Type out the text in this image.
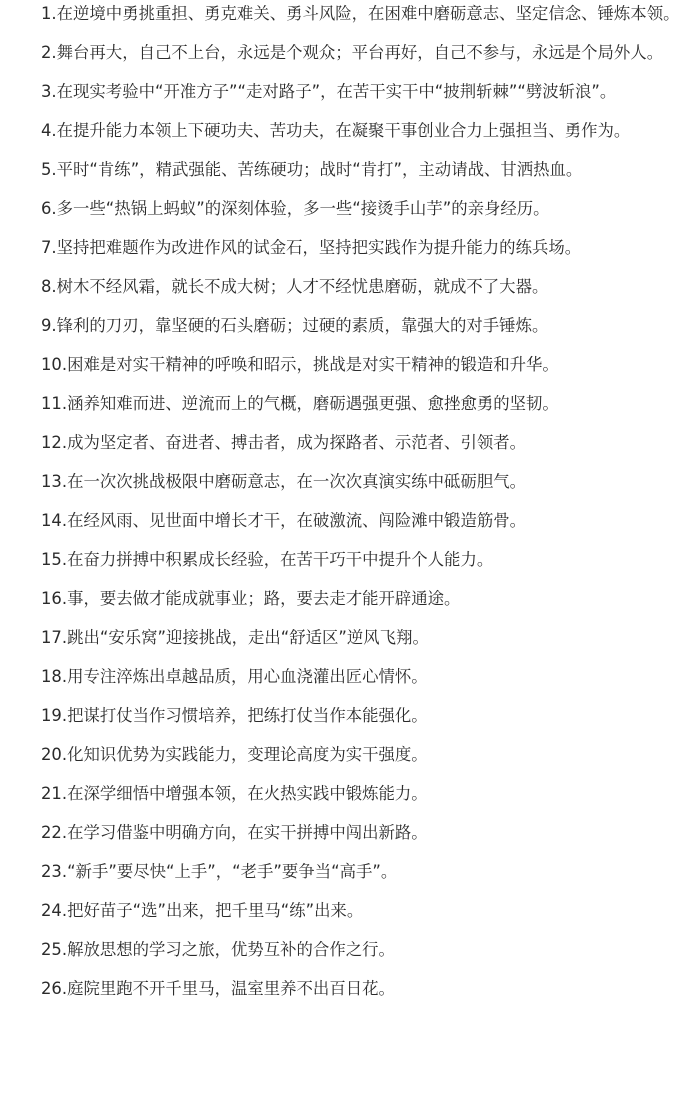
1.在逆境中勇挑重担、勇克难关、勇斗风险，在困难中磨砺意志、坚定信念、锤炼本领。

2.舞台再大，自己不上台，永远是个观众；平台再好，自己不参与，永远是个局外人。

3.在现实考验中“开准方子”“走对路子”，在苦干实干中“披荆斩棘”“劈波斩浪”。

4.在提升能力本领上下硬功夫、苦功夫，在凝聚干事创业合力上强担当、勇作为。

5.平时“肯练”，精武强能、苦练硬功；战时“肯打”，主动请战、甘洒热血。

6.多一些“热锅上蚂蚁”的深刻体验，多一些“接烫手山芋”的亲身经历。

7.坚持把难题作为改进作风的试金石，坚持把实践作为提升能力的练兵场。

8.树木不经风霜，就长不成大树；人才不经忧患磨砺，就成不了大器。

9.锋利的刀刃，靠坚硬的石头磨砺；过硬的素质，靠强大的对手锤炼。

10.困难是对实干精神的呼唤和昭示，挑战是对实干精神的锻造和升华。

11.涵养知难而进、逆流而上的气概，磨砺遇强更强、愈挫愈勇的坚韧。

12.成为坚定者、奋进者、搏击者，成为探路者、示范者、引领者。

13.在一次次挑战极限中磨砺意志，在一次次真演实练中砥砺胆气。

14.在经风雨、见世面中增长才干，在破激流、闯险滩中锻造筋骨。

15.在奋力拼搏中积累成长经验，在苦干巧干中提升个人能力。

16.事，要去做才能成就事业；路，要去走才能开辟通途。

17.跳出“安乐窝”迎接挑战，走出“舒适区”逆风飞翔。

18.用专注淬炼出卓越品质，用心血浇灌出匠心情怀。

19.把谋打仗当作习惯培养，把练打仗当作本能强化。

20.化知识优势为实践能力，变理论高度为实干强度。

21.在深学细悟中增强本领，在火热实践中锻炼能力。

22.在学习借鉴中明确方向，在实干拼搏中闯出新路。

23.“新手”要尽快“上手”，“老手”要争当“高手”。

24.把好苗子“选”出来，把千里马“练”出来。

25.解放思想的学习之旅，优势互补的合作之行。

26.庭院里跑不开千里马，温室里养不出百日花。
